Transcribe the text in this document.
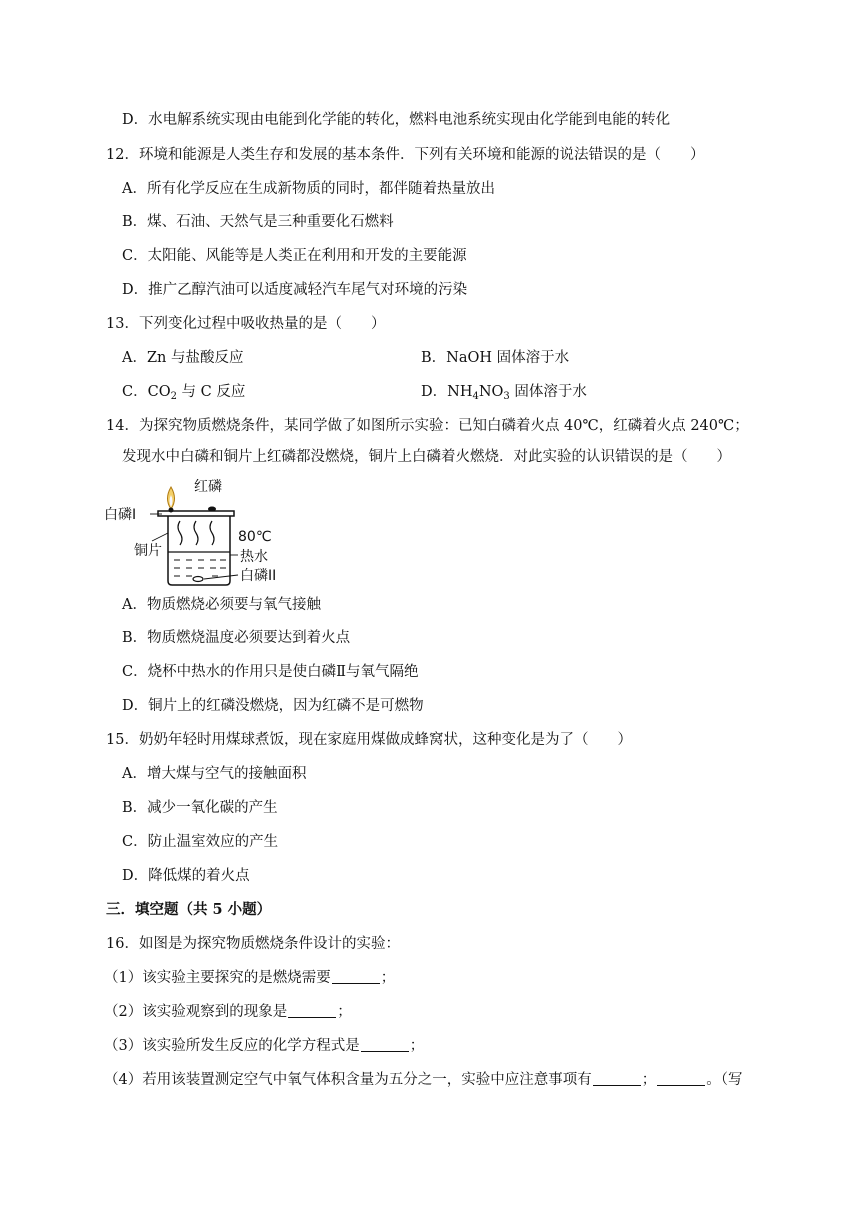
D．水电解系统实现由电能到化学能的转化，燃料电池系统实现由化学能到电能的转化
12．环境和能源是人类生存和发展的基本条件．下列有关环境和能源的说法错误的是（　　）
A．所有化学反应在生成新物质的同时，都伴随着热量放出
B．煤、石油、天然气是三种重要化石燃料
C．太阳能、风能等是人类正在利用和开发的主要能源
D．推广乙醇汽油可以适度减轻汽车尾气对环境的污染
13．下列变化过程中吸收热量的是（　　）
A．Zn 与盐酸反应	B．NaOH 固体溶于水
C．$CO_2$ 与 C 反应	D．$NH_4NO_3$ 固体溶于水
14．为探究物质燃烧条件，某同学做了如图所示实验：已知白磷着火点 40℃，红磷着火点 240℃；
发现水中白磷和铜片上红磷都没燃烧，铜片上白磷着火燃烧．对此实验的认识错误的是（　　）
红磷
白磷Ⅰ
80℃
铜片	热水
白磷ⅠⅠ
A．物质燃烧必须要与氧气接触
B．物质燃烧温度必须要达到着火点
C．烧杯中热水的作用只是使白磷Ⅱ与氧气隔绝
D．铜片上的红磷没燃烧，因为红磷不是可燃物
15．奶奶年轻时用煤球煮饭，现在家庭用煤做成蜂窝状，这种变化是为了（　　）
A．增大煤与空气的接触面积
B．减少一氧化碳的产生
C．防止温室效应的产生
D．降低煤的着火点
三．填空题（共 5 小题）
16．如图是为探究物质燃烧条件设计的实验：
（1）该实验主要探究的是燃烧需要	；
（2）该实验观察到的现象是	；
（3）该实验所发生反应的化学方程式是	；
（4）若用该装置测定空气中氧气体积含量为五分之一，实验中应注意事项有	；	。（写
